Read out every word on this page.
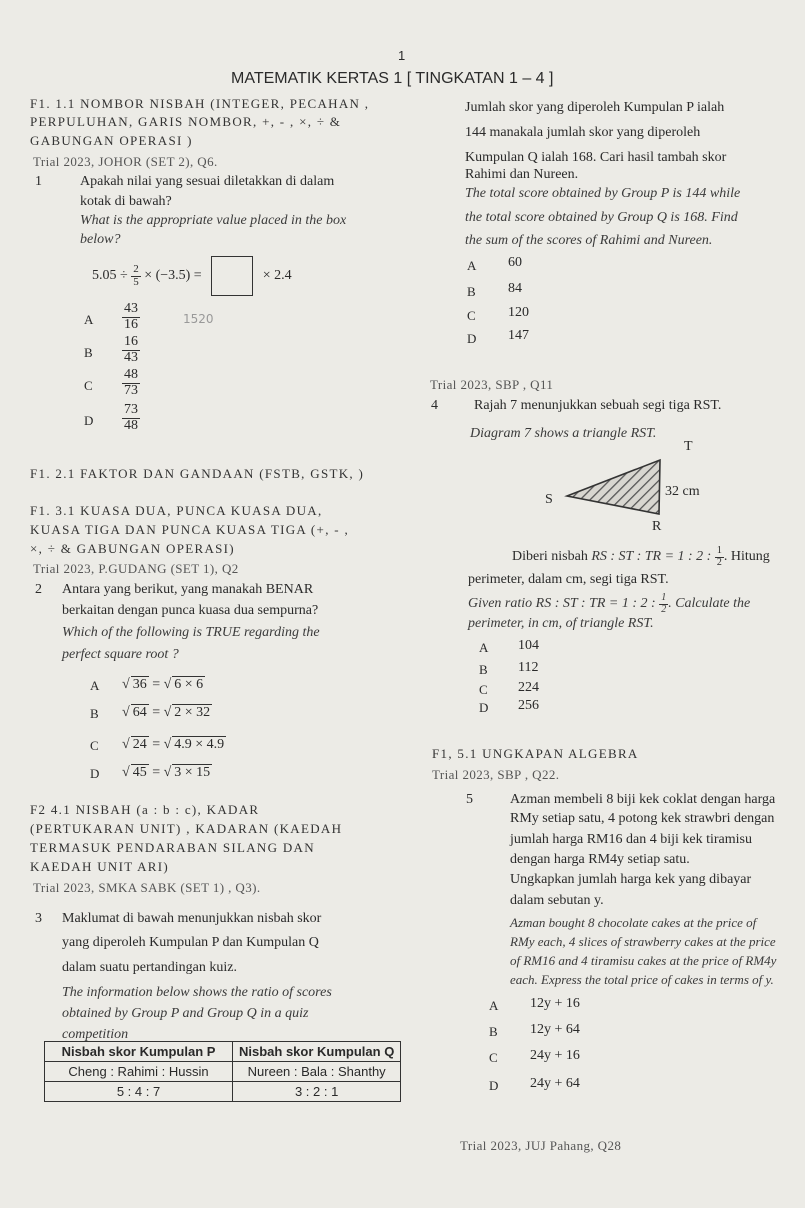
1
MATEMATIK KERTAS 1 [ TINGKATAN 1 – 4 ]
F1. 1.1 NOMBOR NISBAH (INTEGER, PECAHAN ,
PERPULUHAN, GARIS NOMBOR, +, - , ×, ÷ &
GABUNGAN OPERASI )
Trial 2023, JOHOR (SET 2), Q6.
1	Apakah nilai yang sesuai diletakkan di dalam
kotak di bawah?
What is the appropriate value placed in the box
below?
$5.05 \div \frac{2}{5} \times (-3.5)$ =	× 2.4
A $\frac{43}{16}$	1520
B $\frac{16}{43}$
C $\frac{48}{73}$
D $\frac{73}{48}$
F1. 2.1 FAKTOR DAN GANDAAN (FSTB, GSTK, )
F1. 3.1 KUASA DUA, PUNCA KUASA DUA,
KUASA TIGA DAN PUNCA KUASA TIGA (+, - ,
×, ÷ & GABUNGAN OPERASI)
Trial 2023, P.GUDANG (SET 1), Q2
2 Antara yang berikut, yang manakah BENAR
berkaitan dengan punca kuasa dua sempurna?
Which of the following is TRUE regarding the
perfect square root ?
A √ 36 = √ 6 × 6
B √ 64 = √ 2 × 32
C √ 24 = √ 4.9 × 4.9
D √ 45 = √ 3 × 15
F2 4.1 NISBAH (a : b : c), KADAR
(PERTUKARAN UNIT) , KADARAN (KAEDAH
TERMASUK PENDARABAN SILANG DAN
KAEDAH UNIT ARI)
Trial 2023, SMKA SABK (SET 1) , Q3).
3 Maklumat di bawah menunjukkan nisbah skor
yang diperoleh Kumpulan P dan Kumpulan Q
dalam suatu pertandingan kuiz.
The information below shows the ratio of scores
obtained by Group P and Group Q in a quiz
competition
Nisbah skor Kumpulan P	Nisbah skor Kumpulan Q
Cheng : Rahimi : Hussin	Nureen : Bala : Shanthy
5 : 4 : 7	3 : 2 : 1
Jumlah skor yang diperoleh Kumpulan P ialah
144 manakala jumlah skor yang diperoleh
Kumpulan Q ialah 168. Cari hasil tambah skor
Rahimi dan Nureen.
The total score obtained by Group P is 144 while
the total score obtained by Group Q is 168. Find
the sum of the scores of Rahimi and Nureen.
A 60
B 84
C 120
D 147
Trial 2023, SBP , Q11
4	Rajah 7 menunjukkan sebuah segi tiga RST.
Diagram 7 shows a triangle RST.
T
S
R
32 cm
Diberi nisbah RS : ST : TR = 1 : 2 : $\frac{1}{2}$ . Hitung
perimeter, dalam cm, segi tiga RST.
Given ratio RS : ST : TR = 1 : 2 : $\frac{1}{2}$ . Calculate the
perimeter, in cm, of triangle RST.
A 104
B 112
C 224
D 256
F1, 5.1 UNGKAPAN ALGEBRA
Trial 2023, SBP , Q22.
5	Azman membeli 8 biji kek coklat dengan harga
RMy setiap satu, 4 potong kek strawbri dengan
jumlah harga RM16 dan 4 biji kek tiramisu
dengan harga RM4y setiap satu.
Ungkapkan jumlah harga kek yang dibayar
dalam sebutan y.
Azman bought 8 chocolate cakes at the price of
RMy each, 4 slices of strawberry cakes at the price
of RM16 and 4 tiramisu cakes at the price of RM4y
each. Express the total price of cakes in terms of y.
A 12y + 16
B 12y + 64
C 24y + 16
D 24y + 64
Trial 2023, JUJ Pahang, Q28
